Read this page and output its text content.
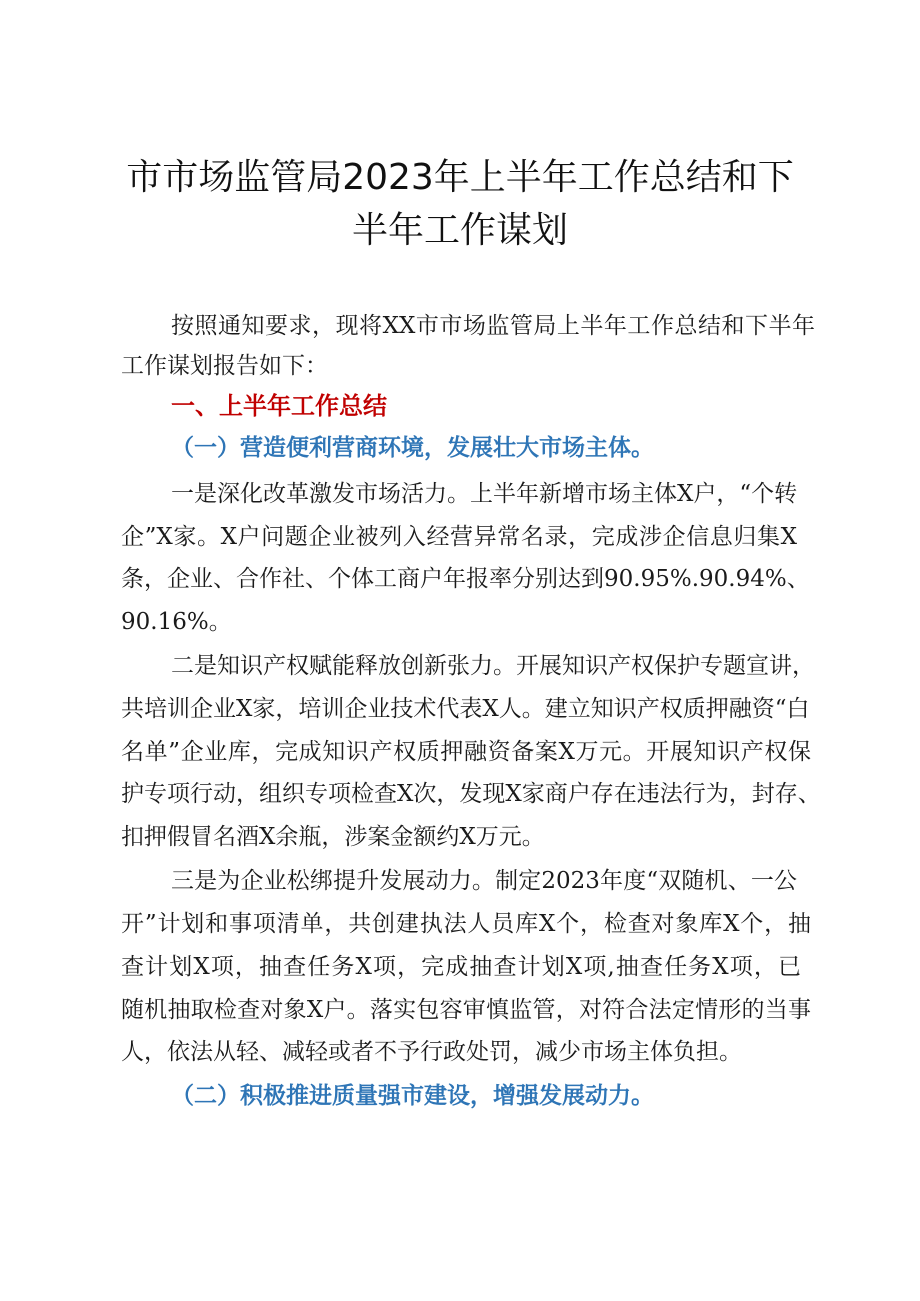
市市场监管局2023年上半年工作总结和下
半年工作谋划

按照通知要求，现将XX市市场监管局上半年工作总结和下半年

工作谋划报告如下：

一、上半年工作总结
（一）营造便利营商环境，发展壮大市场主体。

一是深化改革激发市场活力。上半年新增市场主体X户，“个转

企”X家。X户问题企业被列入经营异常名录，完成涉企信息归集X

条，企业、合作社、个体工商户年报率分别达到90.95%.90.94%、

90.16%。

二是知识产权赋能释放创新张力。开展知识产权保护专题宣讲，

共培训企业X家，培训企业技术代表X人。建立知识产权质押融资“白

名单”企业库，完成知识产权质押融资备案X万元。开展知识产权保

护专项行动，组织专项检查X次，发现X家商户存在违法行为，封存、

扣押假冒名酒X余瓶，涉案金额约X万元。

三是为企业松绑提升发展动力。制定2023年度“双随机、一公

开”计划和事项清单，共创建执法人员库X个，检查对象库X个，抽

查计划X项，抽查任务X项，完成抽查计划X项,抽查任务X项，已

随机抽取检查对象X户。落实包容审慎监管，对符合法定情形的当事

人，依法从轻、减轻或者不予行政处罚，减少市场主体负担。

（二）积极推进质量强市建设，增强发展动力。
